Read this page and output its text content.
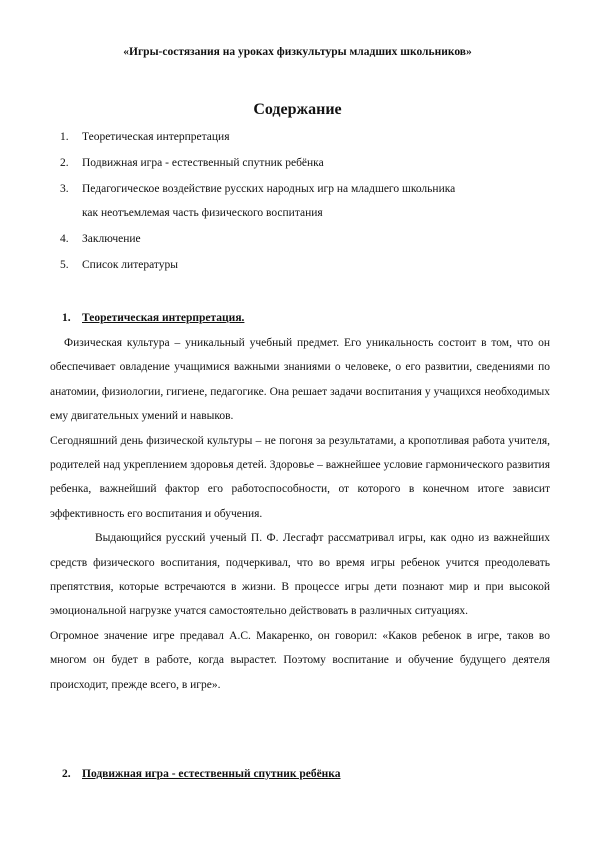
«Игры-состязания на уроках физкультуры младших школьников»
Содержание
1.	Теоретическая интерпретация
2.	Подвижная игра - естественный спутник ребёнка
3.	Педагогическое воздействие русских народных игр на младшего школьника
как неотъемлемая часть физического воспитания
4.	Заключение
5.	Список литературы
1. Теоретическая интерпретация.

Физическая культура – уникальный учебный предмет. Его уникальность состоит в том, что он обеспечивает овладение учащимися важными знаниями о человеке, о его развитии, сведениями по анатомии, физиологии, гигиене, педагогике. Она решает задачи воспитания у учащихся необходимых ему двигательных умений и навыков.

Сегодняшний день физической культуры – не погоня за результатами, а кропотливая работа учителя, родителей над укреплением здоровья детей. Здоровье – важнейшее условие гармонического развития ребенка, важнейший фактор его работоспособности, от которого в конечном итоге зависит эффективность его воспитания и обучения.

Выдающийся русский ученый П. Ф. Лесгафт рассматривал игры, как одно из важнейших средств физического воспитания, подчеркивал, что во время игры ребенок учится преодолевать препятствия, которые встречаются в жизни. В процессе игры дети познают мир и при высокой эмоциональной нагрузке учатся самостоятельно действовать в различных ситуациях.

Огромное значение игре предавал А.С. Макаренко, он говорил: «Каков ребенок в игре, таков во многом он будет в работе, когда вырастет. Поэтому воспитание и обучение будущего деятеля происходит, прежде всего, в игре».

2. Подвижная игра - естественный спутник ребёнка
